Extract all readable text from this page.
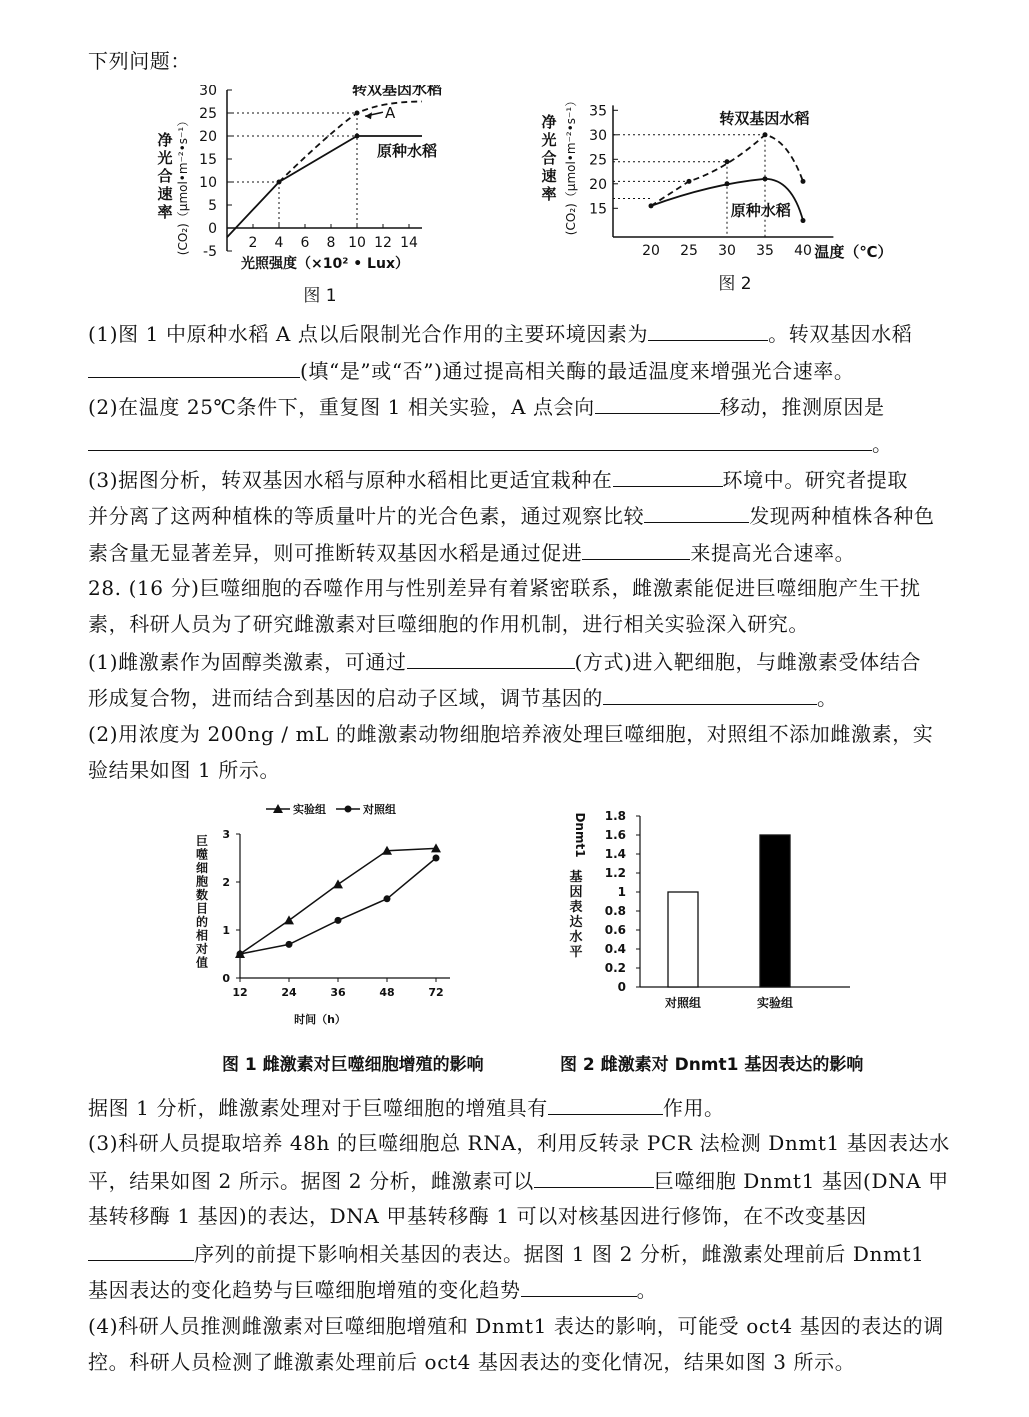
下列问题：
-5
0
5
10
15
20
25
30
2 4 6 8 10 12 14
转双基因水稻
原种水稻
A
净
光
合
速
率 (CO₂)（μmol•m⁻²•s⁻¹）
光照强度（×10² • Lux）
图 1
15
20
25
30
35
20 25 30 35 40
转双基因水稻
原种水稻
净
光
合
速
率 (CO₂)（μmol•m⁻²•s⁻¹）
温度（℃）
图 2
(1)图 1 中原种水稻 A 点以后限制光合作用的主要环境因素为	。转双基因水稻
(填“是”或“否”)通过提高相关酶的最适温度来增强光合速率。
(2)在温度 25℃条件下，重复图 1 相关实验，A 点会向	移动，推测原因是
。
(3)据图分析，转双基因水稻与原种水稻相比更适宜栽种在	环境中。研究者提取
并分离了这两种植株的等质量叶片的光合色素，通过观察比较	发现两种植株各种色
素含量无显著差异，则可推断转双基因水稻是通过促进	来提高光合速率。
28. (16 分)巨噬细胞的吞噬作用与性别差异有着紧密联系，雌激素能促进巨噬细胞产生干扰
素，科研人员为了研究雌激素对巨噬细胞的作用机制，进行相关实验深入研究。
(1)雌激素作为固醇类激素，可通过	(方式)进入靶细胞，与雌激素受体结合
形成复合物，进而结合到基因的启动子区域，调节基因的	。
(2)用浓度为 200ng / mL 的雌激素动物细胞培养液处理巨噬细胞，对照组不添加雌激素，实
验结果如图 1 所示。
0
1
2
3
12	24	36	48	72
实验组	对照组
巨
噬
细
胞
数
目
的
相
对
值
时间（h）
0
0.2
0.4
0.6
0.8
1
1.2
1.4
1.6
1.8
对照组	实验组
Dnmt1
基
因
表
达
水
平
图 1 雌激素对巨噬细胞增殖的影响	图 2 雌激素对 Dnmt1 基因表达的影响
据图 1 分析，雌激素处理对于巨噬细胞的增殖具有	作用。
(3)科研人员提取培养 48h 的巨噬细胞总 RNA，利用反转录 PCR 法检测 Dnmt1 基因表达水
平，结果如图 2 所示。据图 2 分析，雌激素可以	巨噬细胞 Dnmt1 基因(DNA 甲
基转移酶 1 基因)的表达，DNA 甲基转移酶 1 可以对核基因进行修饰，在不改变基因
序列的前提下影响相关基因的表达。据图 1 图 2 分析，雌激素处理前后 Dnmt1
基因表达的变化趋势与巨噬细胞增殖的变化趋势	。
(4)科研人员推测雌激素对巨噬细胞增殖和 Dnmt1 表达的影响，可能受 oct4 基因的表达的调
控。科研人员检测了雌激素处理前后 oct4 基因表达的变化情况，结果如图 3 所示。
